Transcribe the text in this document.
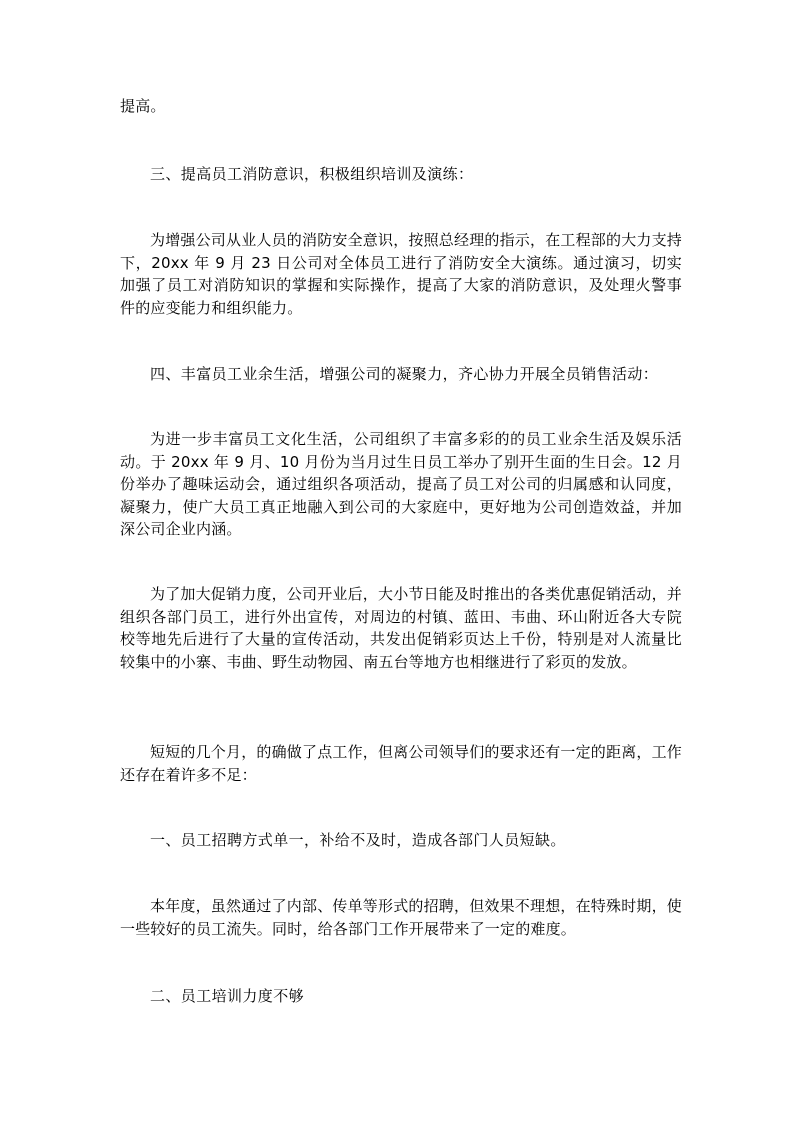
提高。

三、提高员工消防意识，积极组织培训及演练：

为增强公司从业人员的消防安全意识，按照总经理的指示，在工程部的大力支持下，20xx 年 9 月 23 日公司对全体员工进行了消防安全大演练。通过演习，切实加强了员工对消防知识的掌握和实际操作，提高了大家的消防意识，及处理火警事件的应变能力和组织能力。

四、丰富员工业余生活，增强公司的凝聚力，齐心协力开展全员销售活动：

为进一步丰富员工文化生活，公司组织了丰富多彩的的员工业余生活及娱乐活动。于 20xx 年 9 月、10 月份为当月过生日员工举办了别开生面的生日会。12 月份举办了趣味运动会，通过组织各项活动，提高了员工对公司的归属感和认同度，凝聚力，使广大员工真正地融入到公司的大家庭中，更好地为公司创造效益，并加深公司企业内涵。

为了加大促销力度，公司开业后，大小节日能及时推出的各类优惠促销活动，并组织各部门员工，进行外出宣传，对周边的村镇、蓝田、韦曲、环山附近各大专院校等地先后进行了大量的宣传活动，共发出促销彩页达上千份，特别是对人流量比较集中的小寨、韦曲、野生动物园、南五台等地方也相继进行了彩页的发放。

短短的几个月，的确做了点工作，但离公司领导们的要求还有一定的距离，工作还存在着许多不足：

一、员工招聘方式单一，补给不及时，造成各部门人员短缺。

本年度，虽然通过了内部、传单等形式的招聘，但效果不理想，在特殊时期，使一些较好的员工流失。同时，给各部门工作开展带来了一定的难度。

二、员工培训力度不够
